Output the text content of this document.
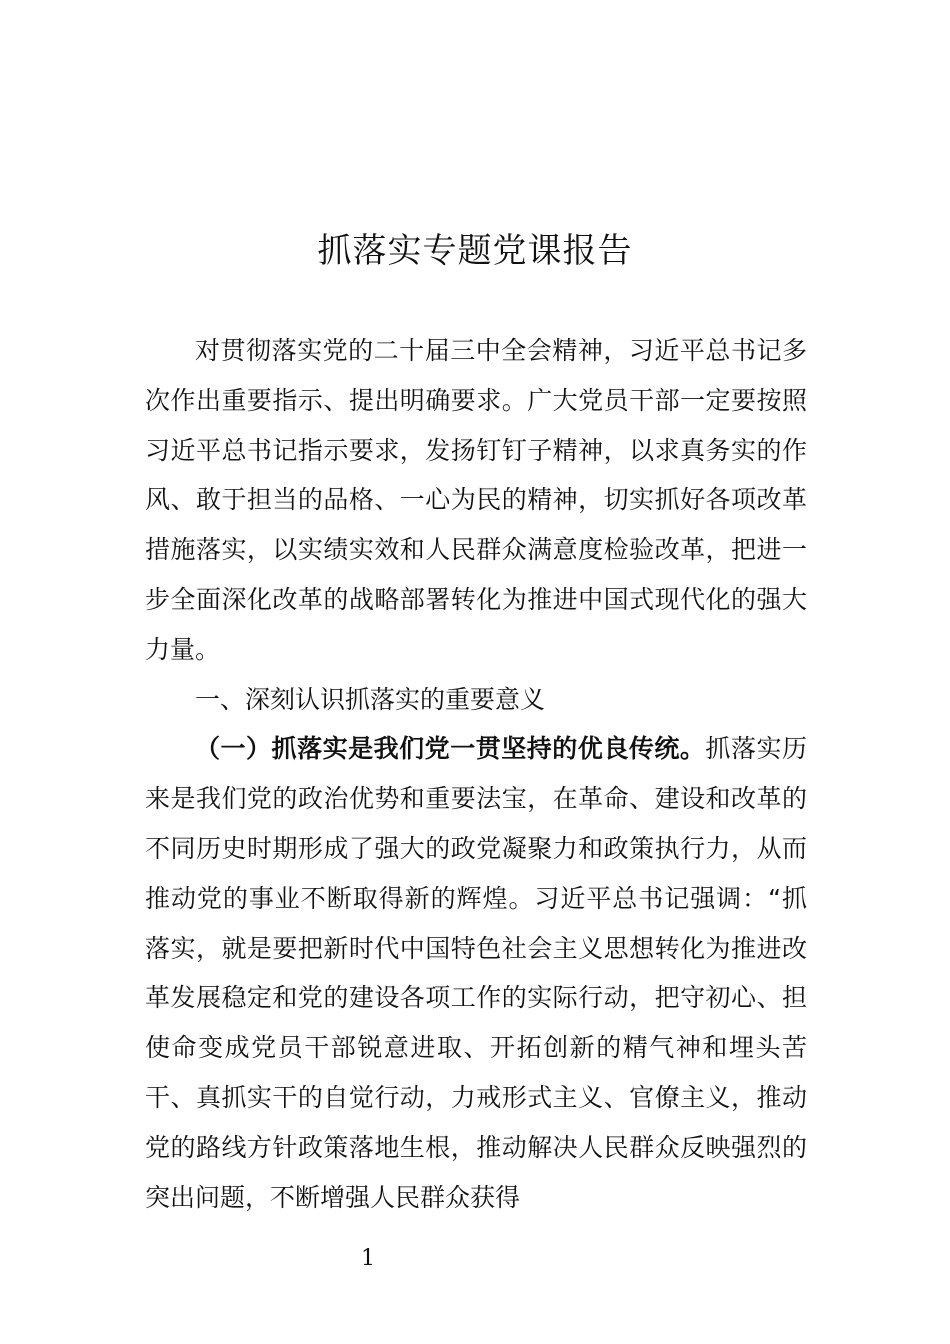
抓落实专题党课报告

对贯彻落实党的二十届三中全会精神，习近平总书记多次作出重要指示、提出明确要求。广大党员干部一定要按照习近平总书记指示要求，发扬钉钉子精神，以求真务实的作风、敢于担当的品格、一心为民的精神，切实抓好各项改革措施落实，以实绩实效和人民群众满意度检验改革，把进一步全面深化改革的战略部署转化为推进中国式现代化的强大力量。

一、深刻认识抓落实的重要意义

（一）抓落实是我们党一贯坚持的优良传统。抓落实历来是我们党的政治优势和重要法宝，在革命、建设和改革的不同历史时期形成了强大的政党凝聚力和政策执行力，从而推动党的事业不断取得新的辉煌。习近平总书记强调：“抓落实，就是要把新时代中国特色社会主义思想转化为推进改革发展稳定和党的建设各项工作的实际行动，把守初心、担使命变成党员干部锐意进取、开拓创新的精气神和埋头苦干、真抓实干的自觉行动，力戒形式主义、官僚主义，推动党的路线方针政策落地生根，推动解决人民群众反映强烈的突出问题，不断增强人民群众获得

1
